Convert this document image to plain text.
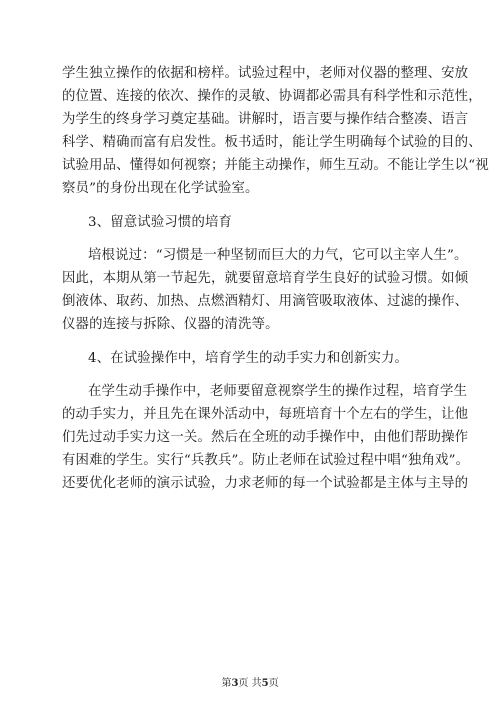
学生独立操作的依据和榜样。试验过程中，老师对仪器的整理、安放
的位置、连接的依次、操作的灵敏、协调都必需具有科学性和示范性，
为学生的终身学习奠定基础。讲解时，语言要与操作结合整凑、语言
科学、精确而富有启发性。板书适时，能让学生明确每个试验的目的、
试验用品、懂得如何视察；并能主动操作，师生互动。不能让学生以“视
察员”的身份出现在化学试验室。
3、留意试验习惯的培育
培根说过：“习惯是一种坚韧而巨大的力气，它可以主宰人生”。
因此，本期从第一节起先，就要留意培育学生良好的试验习惯。如倾
倒液体、取药、加热、点燃酒精灯、用滴管吸取液体、过滤的操作、
仪器的连接与拆除、仪器的清洗等。
4、在试验操作中，培育学生的动手实力和创新实力。
在学生动手操作中，老师要留意视察学生的操作过程，培育学生
的动手实力，并且先在课外活动中，每班培育十个左右的学生，让他
们先过动手实力这一关。然后在全班的动手操作中，由他们帮助操作
有困难的学生。实行“兵教兵”。防止老师在试验过程中唱“独角戏”。
还要优化老师的演示试验，力求老师的每一个试验都是主体与主导的
第3页 共5页
